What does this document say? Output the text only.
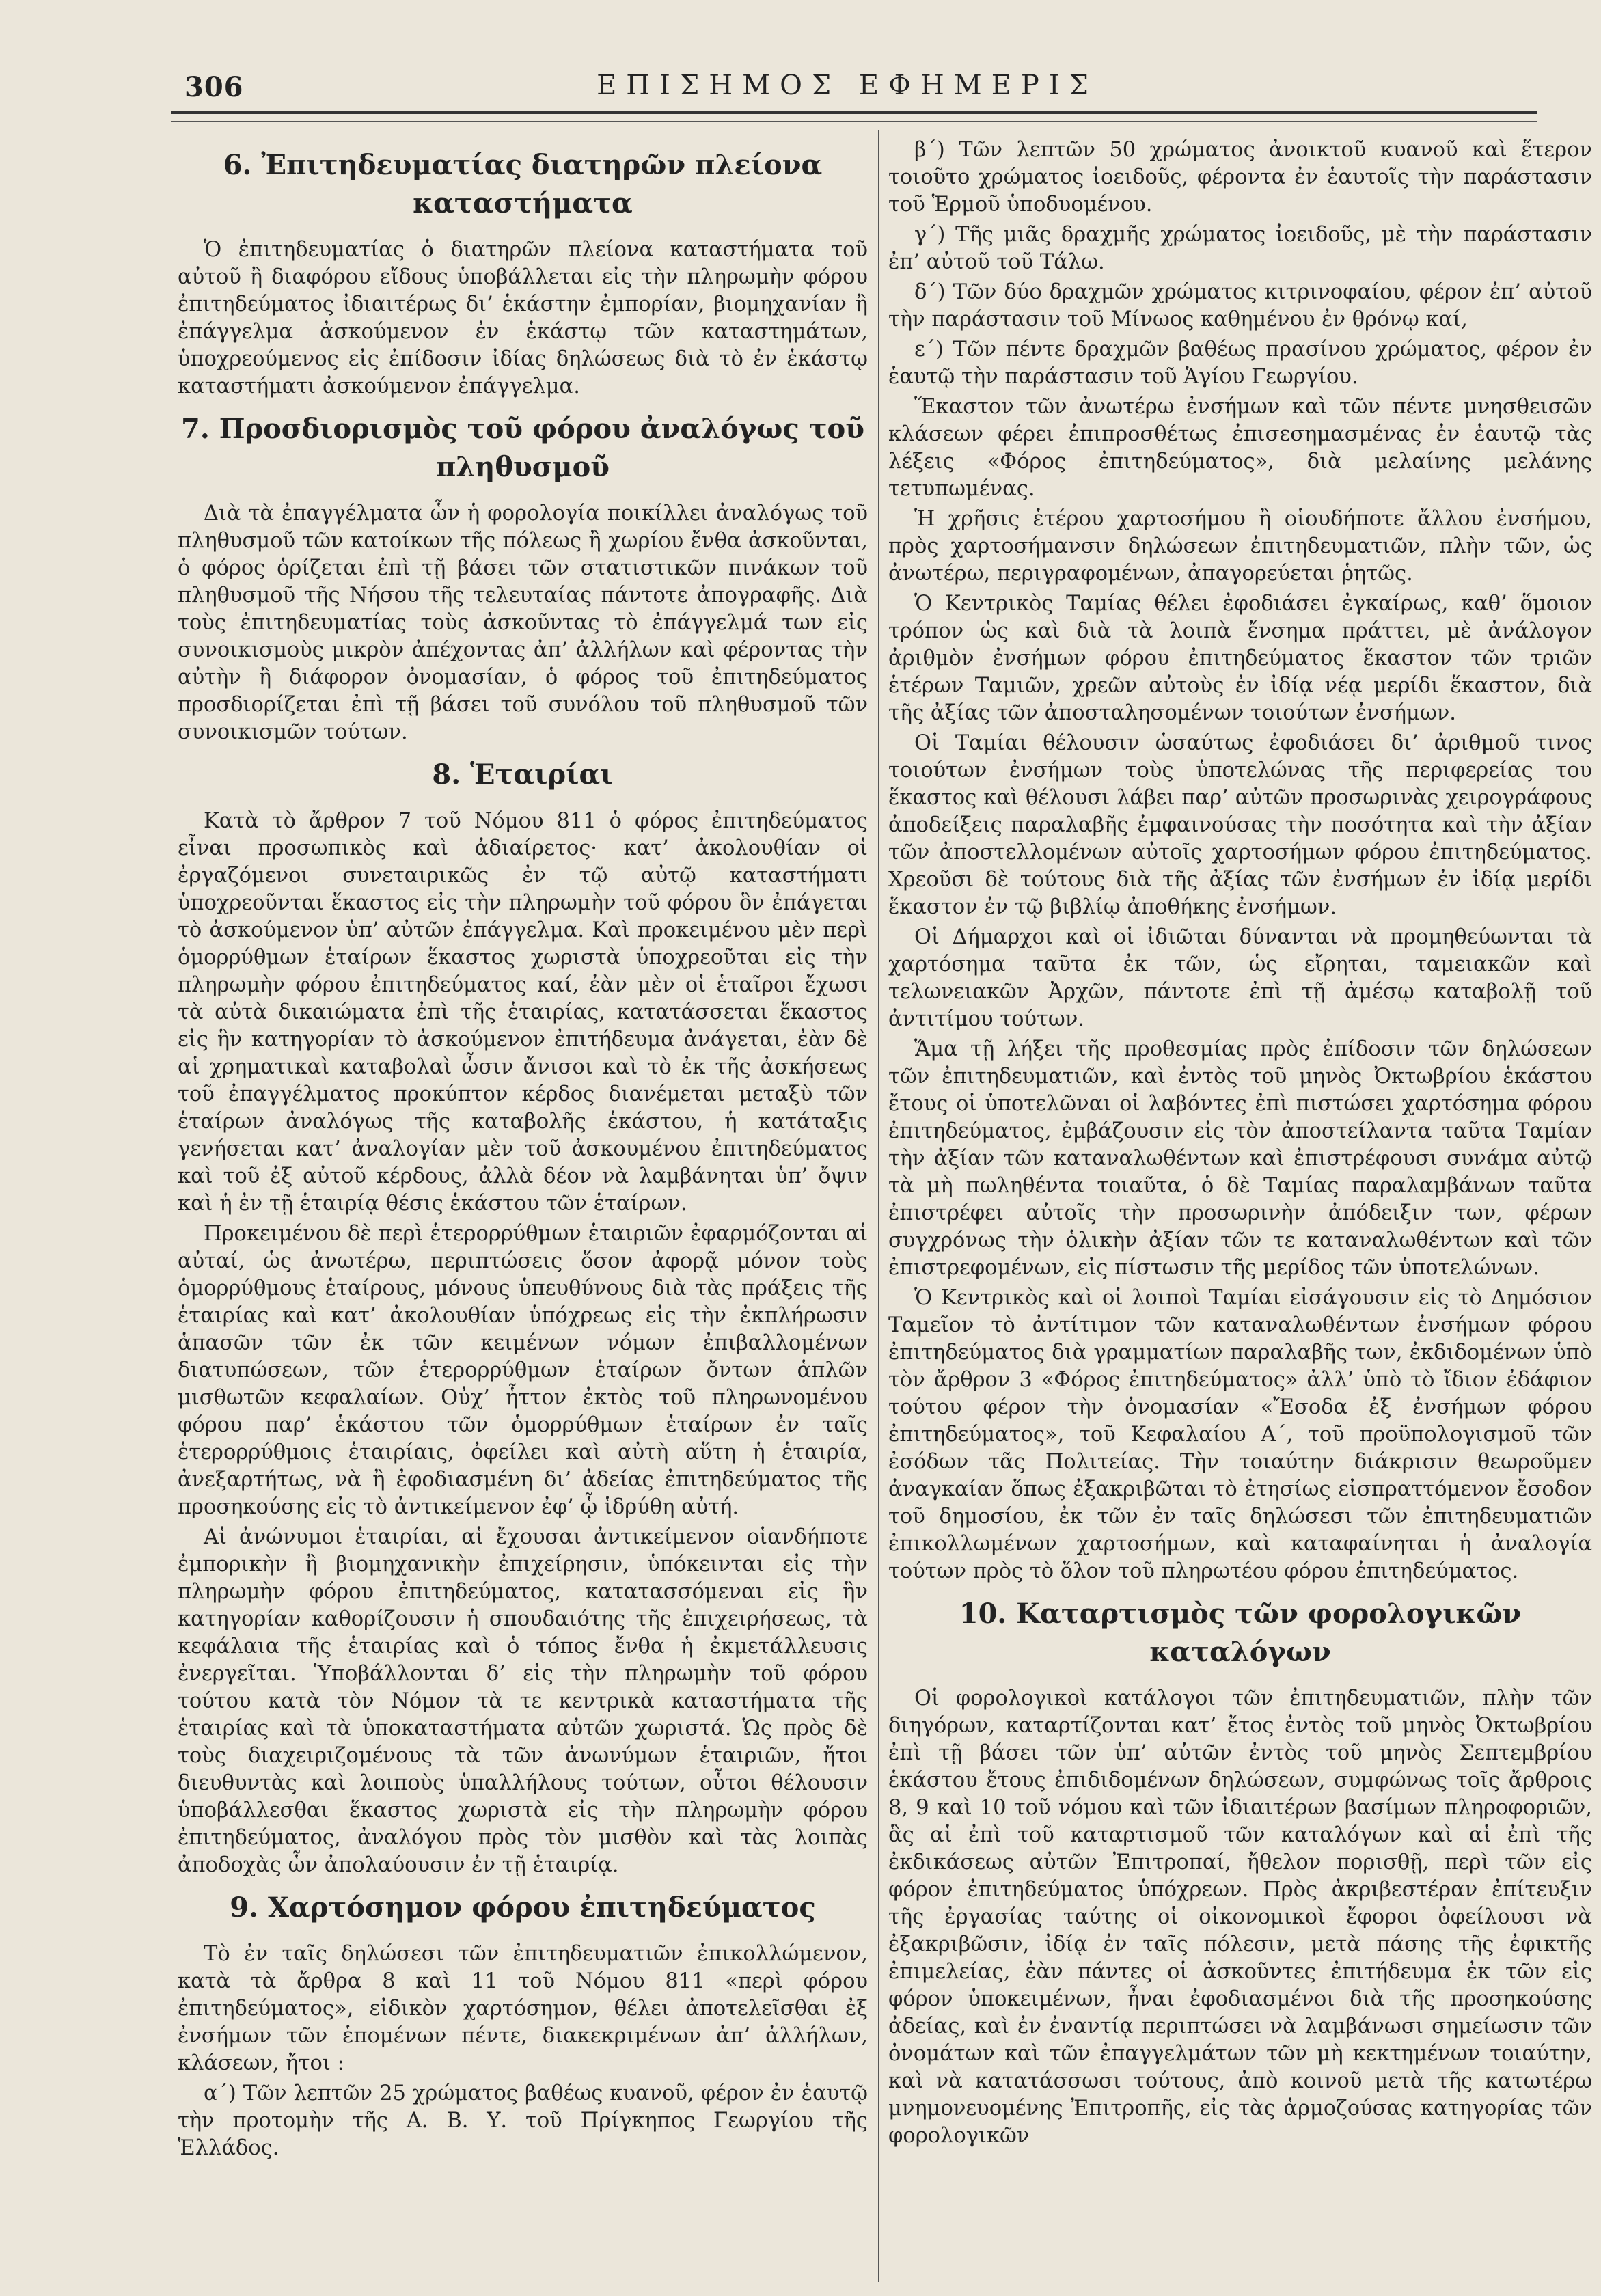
306	ΕΠΙΣΗΜΟΣ ΕΦΗΜΕΡΙΣ
6. Ἐπιτηδευματίας διατηρῶν πλείονα καταστήματα

Ὁ ἐπιτηδευματίας ὁ διατηρῶν πλείονα καταστήματα τοῦ αὐτοῦ ἢ διαφόρου εἴδους ὑποβάλλεται εἰς τὴν πληρωμὴν φόρου ἐπιτηδεύματος ἰδιαιτέρως δι’ ἑκάστην ἐμπορίαν, βιομηχανίαν ἢ ἐπάγγελμα ἀσκούμενον ἐν ἑκάστῳ τῶν καταστημάτων, ὑποχρεούμενος εἰς ἐπίδοσιν ἰδίας δηλώσεως διὰ τὸ ἐν ἑκάστῳ καταστήματι ἀσκούμενον ἐπάγγελμα.

7. Προσδιορισμὸς τοῦ φόρου ἀναλόγως τοῦ πληθυσμοῦ

Διὰ τὰ ἐπαγγέλματα ὧν ἡ φορολογία ποικίλλει ἀναλόγως τοῦ πληθυσμοῦ τῶν κατοίκων τῆς πόλεως ἢ χωρίου ἔνθα ἀσκοῦνται, ὁ φόρος ὁρίζεται ἐπὶ τῇ βάσει τῶν στατιστικῶν πινάκων τοῦ πληθυσμοῦ τῆς Νήσου τῆς τελευταίας πάντοτε ἀπογραφῆς. Διὰ τοὺς ἐπιτηδευματίας τοὺς ἀσκοῦντας τὸ ἐπάγγελμά των εἰς συνοικισμοὺς μικρὸν ἀπέχοντας ἀπ’ ἀλλήλων καὶ φέροντας τὴν αὐτὴν ἢ διάφορον ὀνομασίαν, ὁ φόρος τοῦ ἐπιτηδεύματος προσδιορίζεται ἐπὶ τῇ βάσει τοῦ συνόλου τοῦ πληθυσμοῦ τῶν συνοικισμῶν τούτων.

8. Ἑταιρίαι

Κατὰ τὸ ἄρθρον 7 τοῦ Νόμου 811 ὁ φόρος ἐπιτηδεύματος εἶναι προσωπικὸς καὶ ἀδιαίρετος· κατ’ ἀκολουθίαν οἱ ἐργαζόμενοι συνεταιρικῶς ἐν τῷ αὐτῷ καταστήματι ὑποχρεοῦνται ἕκαστος εἰς τὴν πληρωμὴν τοῦ φόρου ὃν ἐπάγεται τὸ ἀσκούμενον ὑπ’ αὐτῶν ἐπάγγελμα. Καὶ προκειμένου μὲν περὶ ὁμορρύθμων ἑταίρων ἕκαστος χωριστὰ ὑποχρεοῦται εἰς τὴν πληρωμὴν φόρου ἐπιτηδεύματος καί, ἐὰν μὲν οἱ ἑταῖροι ἔχωσι τὰ αὐτὰ δικαιώματα ἐπὶ τῆς ἑταιρίας, κατατάσσεται ἕκαστος εἰς ἣν κατηγορίαν τὸ ἀσκούμενον ἐπιτήδευμα ἀνάγεται, ἐὰν δὲ αἱ χρηματικαὶ καταβολαὶ ὦσιν ἄνισοι καὶ τὸ ἐκ τῆς ἀσκήσεως τοῦ ἐπαγγέλματος προκύπτον κέρδος διανέμεται μεταξὺ τῶν ἑταίρων ἀναλόγως τῆς καταβολῆς ἑκάστου, ἡ κατάταξις γενήσεται κατ’ ἀναλογίαν μὲν τοῦ ἀσκουμένου ἐπιτηδεύματος καὶ τοῦ ἐξ αὐτοῦ κέρδους, ἀλλὰ δέον νὰ λαμβάνηται ὑπ’ ὄψιν καὶ ἡ ἐν τῇ ἑταιρίᾳ θέσις ἑκάστου τῶν ἑταίρων.

Προκειμένου δὲ περὶ ἑτερορρύθμων ἑταιριῶν ἐφαρμόζονται αἱ αὐταί, ὡς ἀνωτέρω, περιπτώσεις ὅσον ἀφορᾷ μόνον τοὺς ὁμορρύθμους ἑταίρους, μόνους ὑπευθύνους διὰ τὰς πράξεις τῆς ἑταιρίας καὶ κατ’ ἀκολουθίαν ὑπόχρεως εἰς τὴν ἐκπλήρωσιν ἁπασῶν τῶν ἐκ τῶν κειμένων νόμων ἐπιβαλλομένων διατυπώσεων, τῶν ἑτερορρύθμων ἑταίρων ὄντων ἁπλῶν μισθωτῶν κεφαλαίων. Οὐχ’ ἧττον ἐκτὸς τοῦ πληρωνομένου φόρου παρ’ ἑκάστου τῶν ὁμορρύθμων ἑταίρων ἐν ταῖς ἑτερορρύθμοις ἑταιρίαις, ὀφείλει καὶ αὐτὴ αὕτη ἡ ἑταιρία, ἀνεξαρτήτως, νὰ ἢ ἐφοδιασμένη δι’ ἀδείας ἐπιτηδεύματος τῆς προσηκούσης εἰς τὸ ἀντικείμενον ἐφ’ ᾧ ἱδρύθη αὐτή.

Αἱ ἀνώνυμοι ἑταιρίαι, αἱ ἔχουσαι ἀντικείμενον οἱανδήποτε ἐμπορικὴν ἢ βιομηχανικὴν ἐπιχείρησιν, ὑπόκεινται εἰς τὴν πληρωμὴν φόρου ἐπιτηδεύματος, κατατασσόμεναι εἰς ἣν κατηγορίαν καθορίζουσιν ἡ σπουδαιότης τῆς ἐπιχειρήσεως, τὰ κεφάλαια τῆς ἑταιρίας καὶ ὁ τόπος ἔνθα ἡ ἐκμετάλλευσις ἐνεργεῖται. Ὑποβάλλονται δ’ εἰς τὴν πληρωμὴν τοῦ φόρου τούτου κατὰ τὸν Νόμον τὰ τε κεντρικὰ καταστήματα τῆς ἑταιρίας καὶ τὰ ὑποκαταστήματα αὐτῶν χωριστά. Ὡς πρὸς δὲ τοὺς διαχειριζομένους τὰ τῶν ἀνωνύμων ἑταιριῶν, ἤτοι διευθυντὰς καὶ λοιποὺς ὑπαλλήλους τούτων, οὗτοι θέλουσιν ὑποβάλλεσθαι ἕκαστος χωριστὰ εἰς τὴν πληρωμὴν φόρου ἐπιτηδεύματος, ἀναλόγου πρὸς τὸν μισθὸν καὶ τὰς λοιπὰς ἀποδοχὰς ὧν ἀπολαύουσιν ἐν τῇ ἑταιρίᾳ.

9. Χαρτόσημον φόρου ἐπιτηδεύματος

Τὸ ἐν ταῖς δηλώσεσι τῶν ἐπιτηδευματιῶν ἐπικολλώμενον, κατὰ τὰ ἄρθρα 8 καὶ 11 τοῦ Νόμου 811 «περὶ φόρου ἐπιτηδεύματος», εἰδικὸν χαρτόσημον, θέλει ἀποτελεῖσθαι ἐξ ἐνσήμων τῶν ἑπομένων πέντε, διακεκριμένων ἀπ’ ἀλλήλων, κλάσεων, ἤτοι :

α΄) Τῶν λεπτῶν 25 χρώματος βαθέως κυανοῦ, φέρον ἐν ἑαυτῷ τὴν προτομὴν τῆς Α. Β. Υ. τοῦ Πρίγκηπος Γεωργίου τῆς Ἑλλάδος.

β΄) Τῶν λεπτῶν 50 χρώματος ἀνοικτοῦ κυανοῦ καὶ ἕτερον τοιοῦτο χρώματος ἰοειδοῦς, φέροντα ἐν ἑαυτοῖς τὴν παράστασιν τοῦ Ἑρμοῦ ὑποδυομένου.

γ΄) Τῆς μιᾶς δραχμῆς χρώματος ἰοειδοῦς, μὲ τὴν παράστασιν ἐπ’ αὐτοῦ τοῦ Τάλω.

δ΄) Τῶν δύο δραχμῶν χρώματος κιτρινοφαίου, φέρον ἐπ’ αὐτοῦ τὴν παράστασιν τοῦ Μίνωος καθημένου ἐν θρόνῳ καί,

ε΄) Τῶν πέντε δραχμῶν βαθέως πρασίνου χρώματος, φέρον ἐν ἑαυτῷ τὴν παράστασιν τοῦ Ἁγίου Γεωργίου.

Ἕκαστον τῶν ἀνωτέρω ἐνσήμων καὶ τῶν πέντε μνησθεισῶν κλάσεων φέρει ἐπιπροσθέτως ἐπισεσημασμένας ἐν ἑαυτῷ τὰς λέξεις «Φόρος ἐπιτηδεύματος», διὰ μελαίνης μελάνης τετυπωμένας.

Ἡ χρῆσις ἑτέρου χαρτοσήμου ἢ οἱουδήποτε ἄλλου ἐνσήμου, πρὸς χαρτοσήμανσιν δηλώσεων ἐπιτηδευματιῶν, πλὴν τῶν, ὡς ἀνωτέρω, περιγραφομένων, ἀπαγορεύεται ῥητῶς.

Ὁ Κεντρικὸς Ταμίας θέλει ἐφοδιάσει ἐγκαίρως, καθ’ ὅμοιον τρόπον ὡς καὶ διὰ τὰ λοιπὰ ἔνσημα πράττει, μὲ ἀνάλογον ἀριθμὸν ἐνσήμων φόρου ἐπιτηδεύματος ἕκαστον τῶν τριῶν ἑτέρων Ταμιῶν, χρεῶν αὐτοὺς ἐν ἰδίᾳ νέᾳ μερίδι ἕκαστον, διὰ τῆς ἀξίας τῶν ἀποσταλησομένων τοιούτων ἐνσήμων.

Οἱ Ταμίαι θέλουσιν ὡσαύτως ἐφοδιάσει δι’ ἀριθμοῦ τινος τοιούτων ἐνσήμων τοὺς ὑποτελώνας τῆς περιφερείας του ἕκαστος καὶ θέλουσι λάβει παρ’ αὐτῶν προσωρινὰς χειρογράφους ἀποδείξεις παραλαβῆς ἐμφαινούσας τὴν ποσότητα καὶ τὴν ἀξίαν τῶν ἀποστελλομένων αὐτοῖς χαρτοσήμων φόρου ἐπιτηδεύματος. Χρεοῦσι δὲ τούτους διὰ τῆς ἀξίας τῶν ἐνσήμων ἐν ἰδίᾳ μερίδι ἕκαστον ἐν τῷ βιβλίῳ ἀποθήκης ἐνσήμων.

Οἱ Δήμαρχοι καὶ οἱ ἰδιῶται δύνανται νὰ προμηθεύωνται τὰ χαρτόσημα ταῦτα ἐκ τῶν, ὡς εἴρηται, ταμειακῶν καὶ τελωνειακῶν Ἀρχῶν, πάντοτε ἐπὶ τῇ ἀμέσῳ καταβολῇ τοῦ ἀντιτίμου τούτων.

Ἅμα τῇ λήξει τῆς προθεσμίας πρὸς ἐπίδοσιν τῶν δηλώσεων τῶν ἐπιτηδευματιῶν, καὶ ἐντὸς τοῦ μηνὸς Ὀκτωβρίου ἑκάστου ἔτους οἱ ὑποτελῶναι οἱ λαβόντες ἐπὶ πιστώσει χαρτόσημα φόρου ἐπιτηδεύματος, ἐμβάζουσιν εἰς τὸν ἀποστείλαντα ταῦτα Ταμίαν τὴν ἀξίαν τῶν καταναλωθέντων καὶ ἐπιστρέφουσι συνάμα αὐτῷ τὰ μὴ πωληθέντα τοιαῦτα, ὁ δὲ Ταμίας παραλαμβάνων ταῦτα ἐπιστρέφει αὐτοῖς τὴν προσωρινὴν ἀπόδειξιν των, φέρων συγχρόνως τὴν ὁλικὴν ἀξίαν τῶν τε καταναλωθέντων καὶ τῶν ἐπιστρεφομένων, εἰς πίστωσιν τῆς μερίδος τῶν ὑποτελώνων.

Ὁ Κεντρικὸς καὶ οἱ λοιποὶ Ταμίαι εἰσάγουσιν εἰς τὸ Δημόσιον Ταμεῖον τὸ ἀντίτιμον τῶν καταναλωθέντων ἐνσήμων φόρου ἐπιτηδεύματος διὰ γραμματίων παραλαβῆς των, ἐκδιδομένων ὑπὸ τὸν ἄρθρον 3 «Φόρος ἐπιτηδεύματος» ἀλλ’ ὑπὸ τὸ ἴδιον ἐδάφιον τούτου φέρον τὴν ὀνομασίαν «Ἔσοδα ἐξ ἐνσήμων φόρου ἐπιτηδεύματος», τοῦ Κεφαλαίου Α΄, τοῦ προϋπολογισμοῦ τῶν ἐσόδων τᾶς Πολιτείας. Τὴν τοιαύτην διάκρισιν θεωροῦμεν ἀναγκαίαν ὅπως ἐξακριβῶται τὸ ἐτησίως εἰσπραττόμενον ἔσοδον τοῦ δημοσίου, ἐκ τῶν ἐν ταῖς δηλώσεσι τῶν ἐπιτηδευματιῶν ἐπικολλωμένων χαρτοσήμων, καὶ καταφαίνηται ἡ ἀναλογία τούτων πρὸς τὸ ὅλον τοῦ πληρωτέου φόρου ἐπιτηδεύματος.

10. Καταρτισμὸς τῶν φορολογικῶν καταλόγων

Οἱ φορολογικοὶ κατάλογοι τῶν ἐπιτηδευματιῶν, πλὴν τῶν διηγόρων, καταρτίζονται κατ’ ἔτος ἐντὸς τοῦ μηνὸς Ὀκτωβρίου ἐπὶ τῇ βάσει τῶν ὑπ’ αὐτῶν ἐντὸς τοῦ μηνὸς Σεπτεμβρίου ἑκάστου ἔτους ἐπιδιδομένων δηλώσεων, συμφώνως τοῖς ἄρθροις 8, 9 καὶ 10 τοῦ νόμου καὶ τῶν ἰδιαιτέρων βασίμων πληροφοριῶν, ἃς αἱ ἐπὶ τοῦ καταρτισμοῦ τῶν καταλόγων καὶ αἱ ἐπὶ τῆς ἐκδικάσεως αὐτῶν Ἐπιτροπαί, ἤθελον πορισθῇ, περὶ τῶν εἰς φόρον ἐπιτηδεύματος ὑπόχρεων. Πρὸς ἀκριβεστέραν ἐπίτευξιν τῆς ἐργασίας ταύτης οἱ οἰκονομικοὶ ἔφοροι ὀφείλουσι νὰ ἐξακριβῶσιν, ἰδίᾳ ἐν ταῖς πόλεσιν, μετὰ πάσης τῆς ἐφικτῆς ἐπιμελείας, ἐὰν πάντες οἱ ἀσκοῦντες ἐπιτήδευμα ἐκ τῶν εἰς φόρον ὑποκειμένων, ἦναι ἐφοδιασμένοι διὰ τῆς προσηκούσης ἀδείας, καὶ ἐν ἐναντίᾳ περιπτώσει νὰ λαμβάνωσι σημείωσιν τῶν ὀνομάτων καὶ τῶν ἐπαγγελμάτων τῶν μὴ κεκτημένων τοιαύτην, καὶ νὰ κατατάσσωσι τούτους, ἀπὸ κοινοῦ μετὰ τῆς κατωτέρω μνημονευομένης Ἐπιτροπῆς, εἰς τὰς ἁρμοζούσας κατηγορίας τῶν φορολογικῶν
